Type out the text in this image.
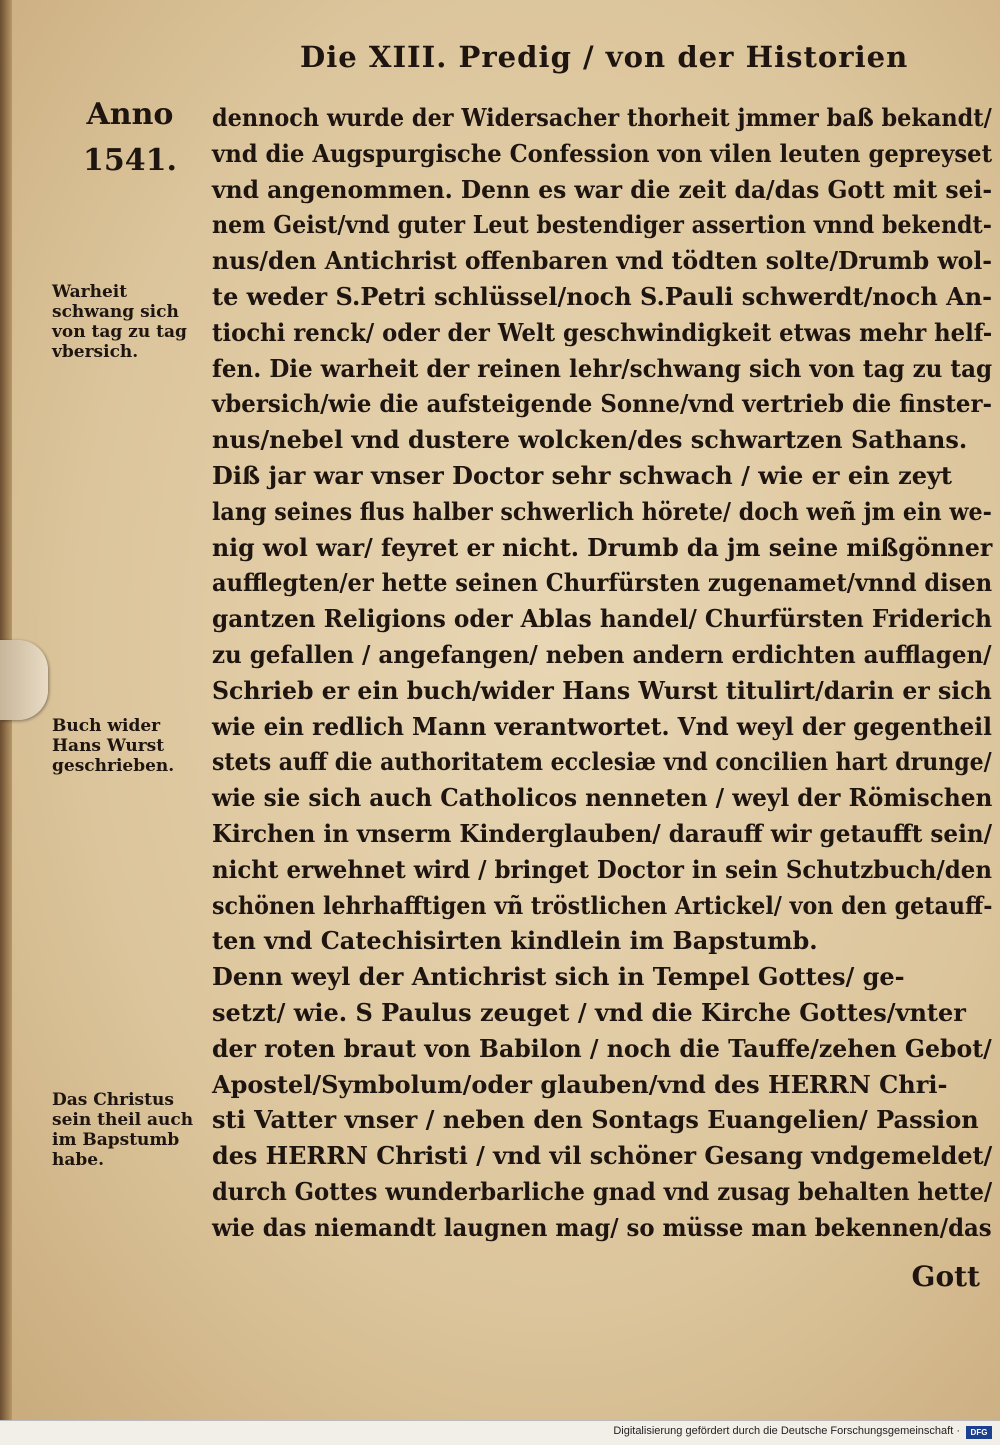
Die XIII. Predig / von der Historien
Anno
1541.
Warheit
schwang sich
von tag zu tag
vbersich.
Buch wider
Hans Wurst
geschrieben.
Das Christus
sein theil auch
im Bapstumb
habe.
dennoch wurde der Widersacher thorheit jmmer baß bekandt/
vnd die Augspurgische Confession von vilen leuten gepreyset
vnd angenommen. Denn es war die zeit da/das Gott mit sei-
nem Geist/vnd guter Leut bestendiger assertion vnnd bekendt-
nus/den Antichrist offenbaren vnd tödten solte/Drumb wol-
te weder S.Petri schlüssel/noch S.Pauli schwerdt/noch An-
tiochi renck/ oder der Welt geschwindigkeit etwas mehr helf-
fen. Die warheit der reinen lehr/schwang sich von tag zu tag
vbersich/wie die aufsteigende Sonne/vnd vertrieb die finster-
nus/nebel vnd dustere wolcken/des schwartzen Sathans.
Diß jar war vnser Doctor sehr schwach / wie er ein zeyt
lang seines flus halber schwerlich hörete/ doch weñ jm ein we-
nig wol war/ feyret er nicht. Drumb da jm seine mißgönner
aufflegten/er hette seinen Churfürsten zugenamet/vnnd disen
gantzen Religions oder Ablas handel/ Churfürsten Friderich
zu gefallen / angefangen/ neben andern erdichten aufflagen/
Schrieb er ein buch/wider Hans Wurst titulirt/darin er sich
wie ein redlich Mann verantwortet. Vnd weyl der gegentheil
stets auff die authoritatem ecclesiæ vnd concilien hart drunge/
wie sie sich auch Catholicos nenneten / weyl der Römischen
Kirchen in vnserm Kinderglauben/ darauff wir getaufft sein/
nicht erwehnet wird / bringet Doctor in sein Schutzbuch/den
schönen lehrhafftigen vñ tröstlichen Artickel/ von den getauff-
ten vnd Catechisirten kindlein im Bapstumb.
Denn weyl der Antichrist sich in Tempel Gottes/ ge-
setzt/ wie. S Paulus zeuget / vnd die Kirche Gottes/vnter
der roten braut von Babilon / noch die Tauffe/zehen Gebot/
Apostel/Symbolum/oder glauben/vnd des HERRN Chri-
sti Vatter vnser / neben den Sontags Euangelien/ Passion
des HERRN Christi / vnd vil schöner Gesang vndgemeldet/
durch Gottes wunderbarliche gnad vnd zusag behalten hette/
wie das niemandt laugnen mag/ so müsse man bekennen/das
Gott
Digitalisierung gefördert durch die Deutsche Forschungsgemeinschaft ·	DFG
